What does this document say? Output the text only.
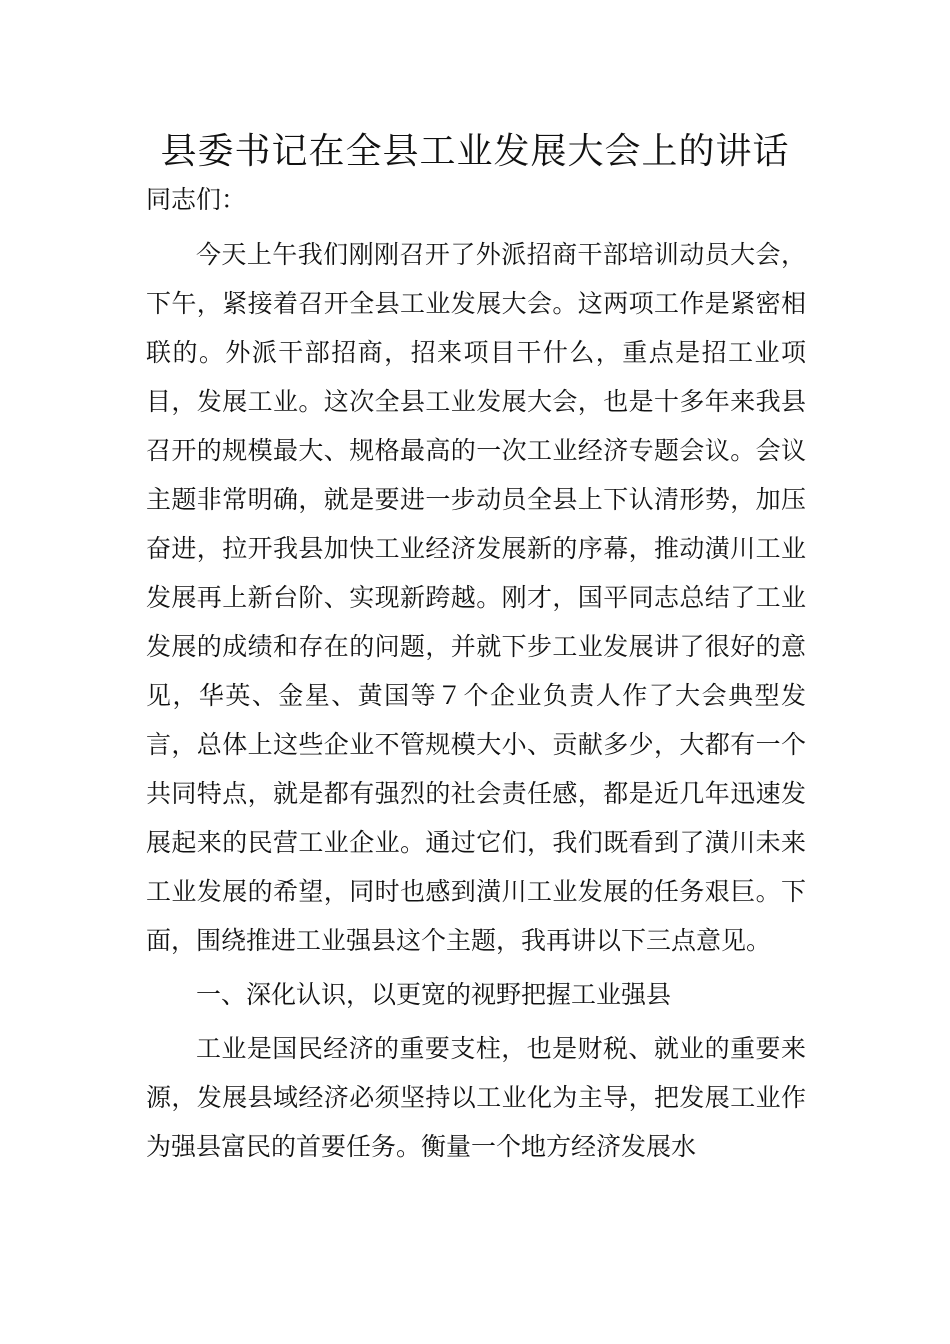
县委书记在全县工业发展大会上的讲话

同志们：

今天上午我们刚刚召开了外派招商干部培训动员大会，下午，紧接着召开全县工业发展大会。这两项工作是紧密相联的。外派干部招商，招来项目干什么，重点是招工业项目，发展工业。这次全县工业发展大会，也是十多年来我县召开的规模最大、规格最高的一次工业经济专题会议。会议主题非常明确，就是要进一步动员全县上下认清形势，加压奋进，拉开我县加快工业经济发展新的序幕，推动潢川工业发展再上新台阶、实现新跨越。刚才，国平同志总结了工业发展的成绩和存在的问题，并就下步工业发展讲了很好的意见，华英、金星、黄国等７个企业负责人作了大会典型发言，总体上这些企业不管规模大小、贡献多少，大都有一个共同特点，就是都有强烈的社会责任感，都是近几年迅速发展起来的民营工业企业。通过它们，我们既看到了潢川未来工业发展的希望，同时也感到潢川工业发展的任务艰巨。下面，围绕推进工业强县这个主题，我再讲以下三点意见。

一、深化认识，以更宽的视野把握工业强县

工业是国民经济的重要支柱，也是财税、就业的重要来源，发展县域经济必须坚持以工业化为主导，把发展工业作为强县富民的首要任务。衡量一个地方经济发展水
